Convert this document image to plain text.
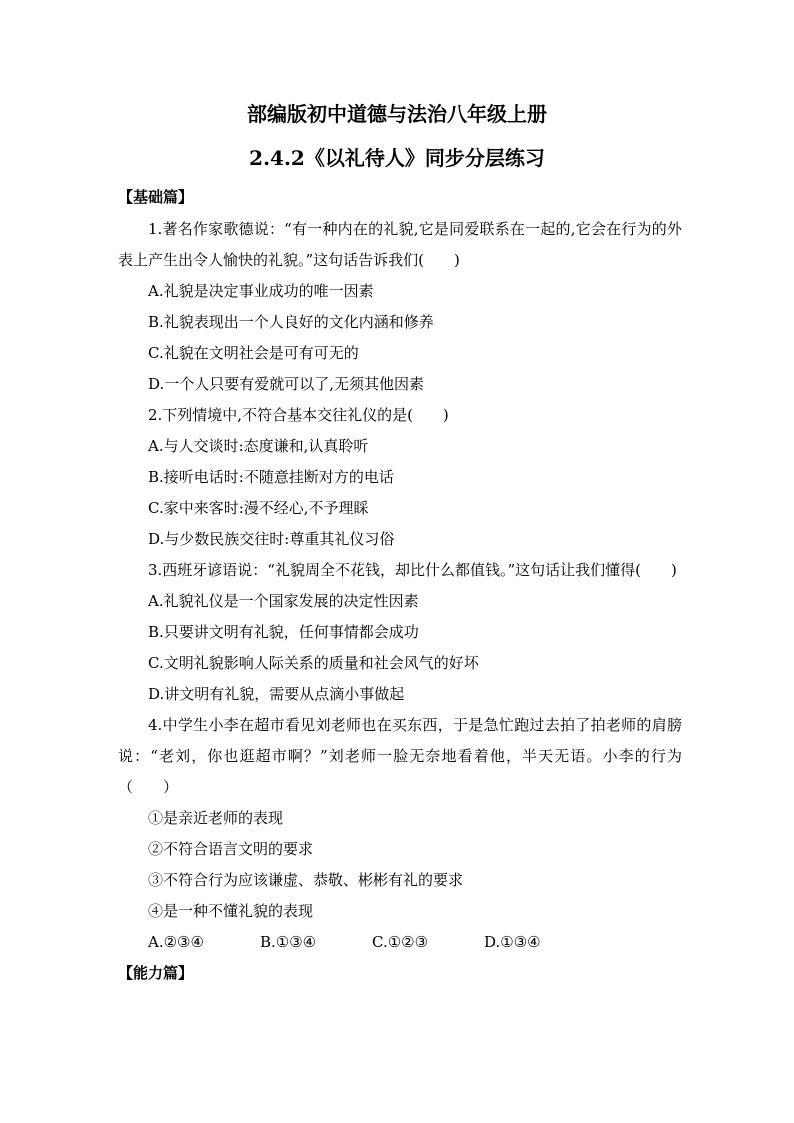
部编版初中道德与法治八年级上册
2.4.2《以礼待人》同步分层练习

【基础篇】

1.著名作家歌德说：“有一种内在的礼貌,它是同爱联系在一起的,它会在行为的外表上产生出令人愉快的礼貌。”这句话告诉我们(　　)

A.礼貌是决定事业成功的唯一因素

B.礼貌表现出一个人良好的文化内涵和修养

C.礼貌在文明社会是可有可无的

D.一个人只要有爱就可以了,无须其他因素

2.下列情境中,不符合基本交往礼仪的是(　　)

A.与人交谈时:态度谦和,认真聆听

B.接听电话时:不随意挂断对方的电话

C.家中来客时:漫不经心,不予理睬

D.与少数民族交往时:尊重其礼仪习俗

3.西班牙谚语说：“礼貌周全不花钱，却比什么都值钱。”这句话让我们懂得(　　)

A.礼貌礼仪是一个国家发展的决定性因素

B.只要讲文明有礼貌，任何事情都会成功

C.文明礼貌影响人际关系的质量和社会风气的好坏

D.讲文明有礼貌，需要从点滴小事做起

4.中学生小李在超市看见刘老师也在买东西，于是急忙跑过去拍了拍老师的肩膀说：“老刘，你也逛超市啊？”刘老师一脸无奈地看着他，半天无语。小李的行为（　　）

①是亲近老师的表现

②不符合语言文明的要求

③不符合行为应该谦虚、恭敬、彬彬有礼的要求

④是一种不懂礼貌的表现

A.②③④	B.①③④	C.①②③	D.①③④

【能力篇】
